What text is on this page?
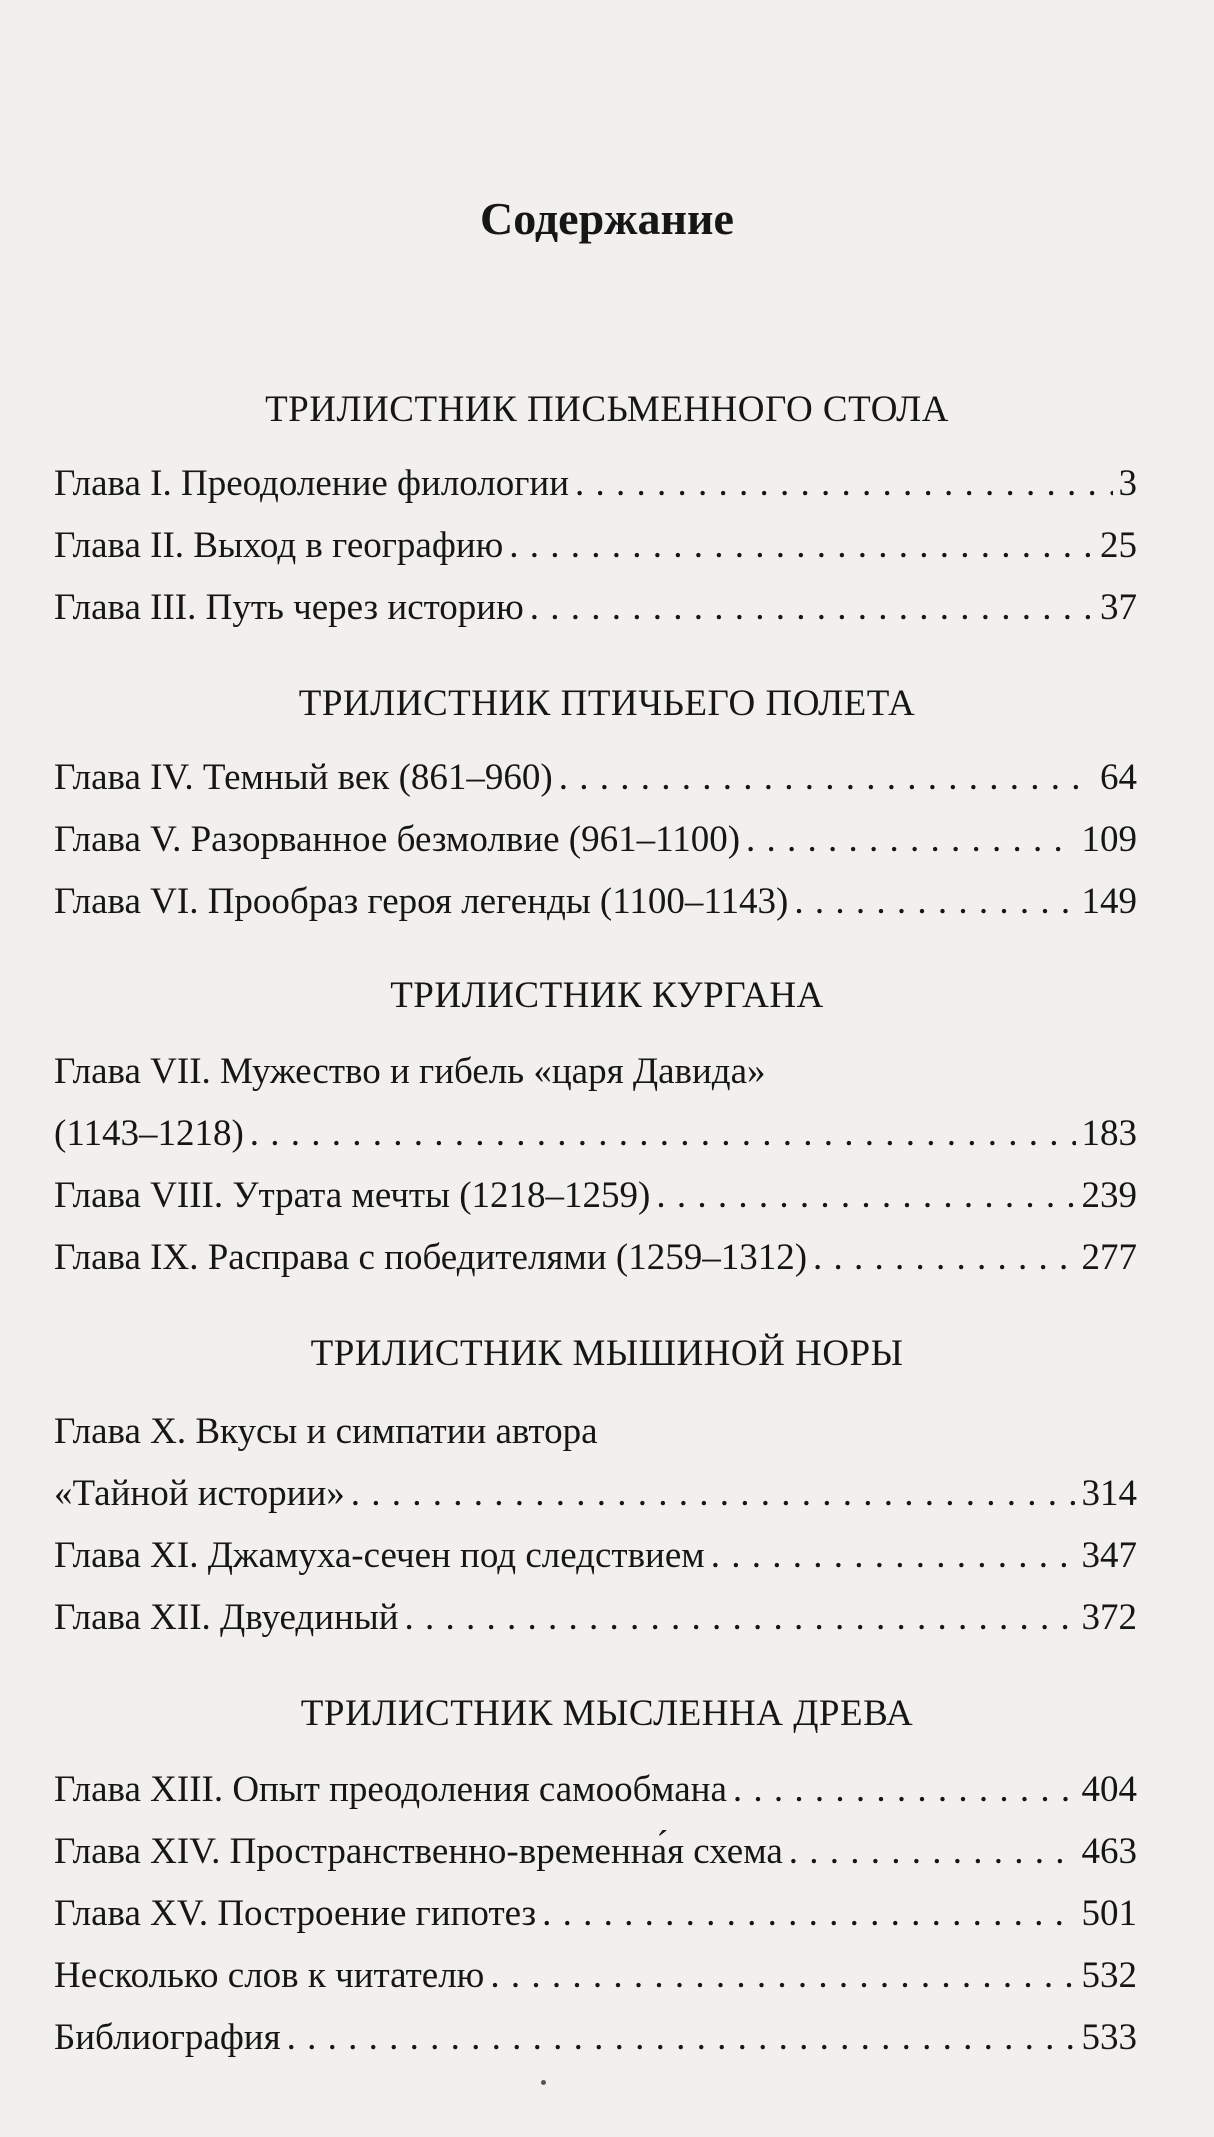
Содержание
ТРИЛИСТНИК ПИСЬМЕННОГО СТОЛА
Глава I. Преодоление филологии . . .	3
Глава II. Выход в географию . . .	25
Глава III. Путь через историю . . .	37
ТРИЛИСТНИК ПТИЧЬЕГО ПОЛЕТА
Глава IV. Темный век (861–960) . . .	64
Глава V. Разорванное безмолвие (961–1100) . . .	109
Глава VI. Прообраз героя легенды (1100–1143) . . .	149
ТРИЛИСТНИК КУРГАНА
Глава VII. Мужество и гибель «царя Давида»
(1143–1218) . . .	183
Глава VIII. Утрата мечты (1218–1259) . . .	239
Глава IX. Расправа с победителями (1259–1312) . . .	277
ТРИЛИСТНИК МЫШИНОЙ НОРЫ
Глава X. Вкусы и симпатии автора
«Тайной истории» . . .	314
Глава XI. Джамуха-сечен под следствием . . .	347
Глава XII. Двуединый . . .	372
ТРИЛИСТНИК МЫСЛЕННА ДРЕВА
Глава XIII. Опыт преодоления самообмана . . .	404
Глава XIV. Пространственно-временна́я схема . . .	463
Глава XV. Построение гипотез . . .	501
Несколько слов к читателю . . .	532
Библиография . . .	533
